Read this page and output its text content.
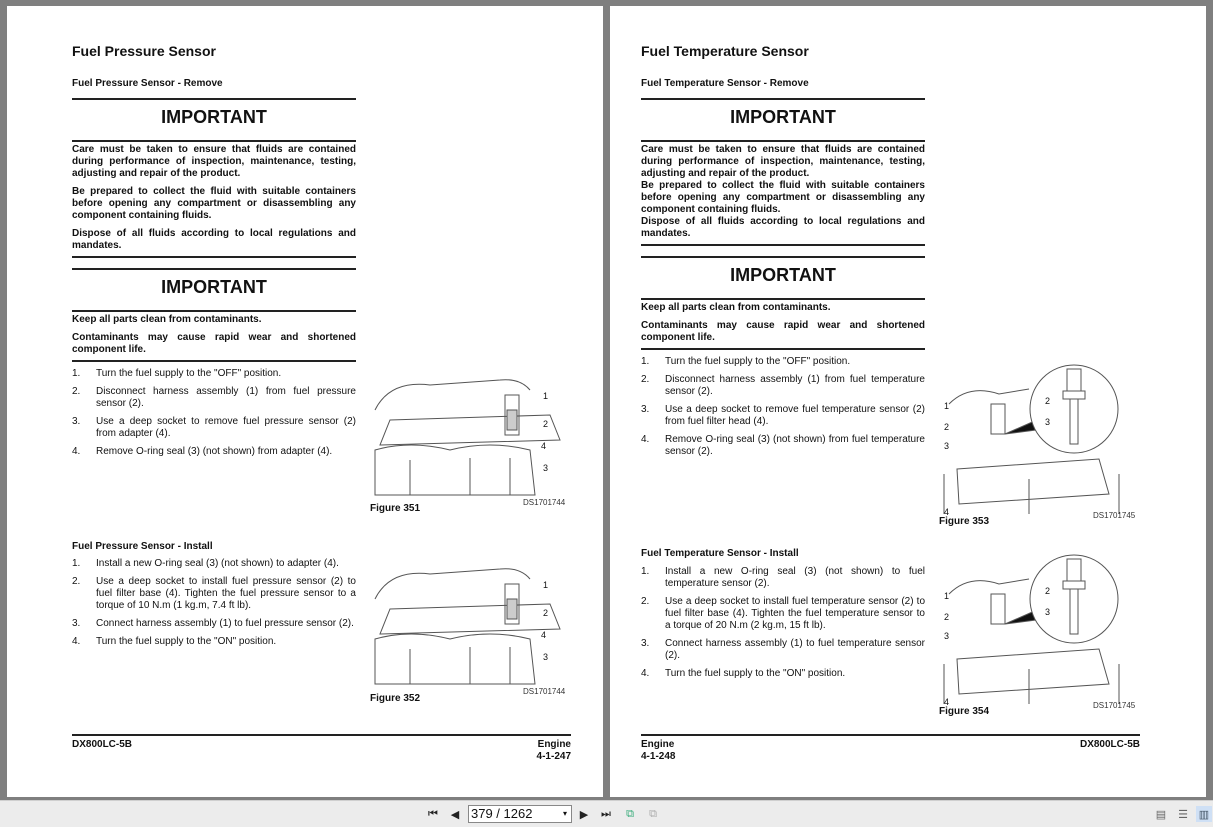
Fuel Pressure Sensor
Fuel Pressure Sensor - Remove
IMPORTANT

Care must be taken to ensure that fluids are contained during performance of inspection, maintenance, testing, adjusting and repair of the product.

Be prepared to collect the fluid with suitable containers before opening any compartment or disassembling any component containing fluids.

Dispose of all fluids according to local regulations and mandates.

IMPORTANT

Keep all parts clean from contaminants.

Contaminants may cause rapid wear and shortened component life.

1. Turn the fuel supply to the "OFF" position.
2. Disconnect harness assembly (1) from fuel pressure sensor (2).
3. Use a deep socket to remove fuel pressure sensor (2) from adapter (4).
4. Remove O-ring seal (3) (not shown) from adapter (4).
1
2
4
3
DS1701744
Figure 351
Fuel Pressure Sensor - Install
1. Install a new O-ring seal (3) (not shown) to adapter (4).
2. Use a deep socket to install fuel pressure sensor (2) to fuel filter base (4). Tighten the fuel pressure sensor to a torque of 10 N.m (1 kg.m, 7.4 ft lb).
3. Connect harness assembly (1) to fuel pressure sensor (2).
4. Turn the fuel supply to the "ON" position.
1
2
4
3
DS1701744
Figure 352
DX800LC-5B	Engine
4-1-247
Fuel Temperature Sensor
Fuel Temperature Sensor - Remove
IMPORTANT

Care must be taken to ensure that fluids are contained during performance of inspection, maintenance, testing, adjusting and repair of the product.

Be prepared to collect the fluid with suitable containers before opening any compartment or disassembling any component containing fluids.

Dispose of all fluids according to local regulations and mandates.

IMPORTANT

Keep all parts clean from contaminants.

Contaminants may cause rapid wear and shortened component life.

1. Turn the fuel supply to the "OFF" position.
2. Disconnect harness assembly (1) from fuel temperature sensor (2).
3. Use a deep socket to remove fuel temperature sensor (2) from fuel filter head (4).
4. Remove O-ring seal (3) (not shown) from fuel temperature sensor (2).
1
2
3
4
2
3
DS1701745
Figure 353
Fuel Temperature Sensor - Install
1. Install a new O-ring seal (3) (not shown) to fuel temperature sensor (2).
2. Use a deep socket to install fuel temperature sensor (2) to fuel filter base (4). Tighten the fuel temperature sensor to a torque of 20 N.m (2 kg.m, 15 ft lb).
3. Connect harness assembly (1) to fuel temperature sensor (2).
4. Turn the fuel supply to the "ON" position.
1
2
3
4
2
3
DS1701745
Figure 354
Engine
4-1-248
DX800LC-5B
⏮	◀ 379 / 1262	▾	▶	⏭	⧉	⧉	▤ ☰ ▥
